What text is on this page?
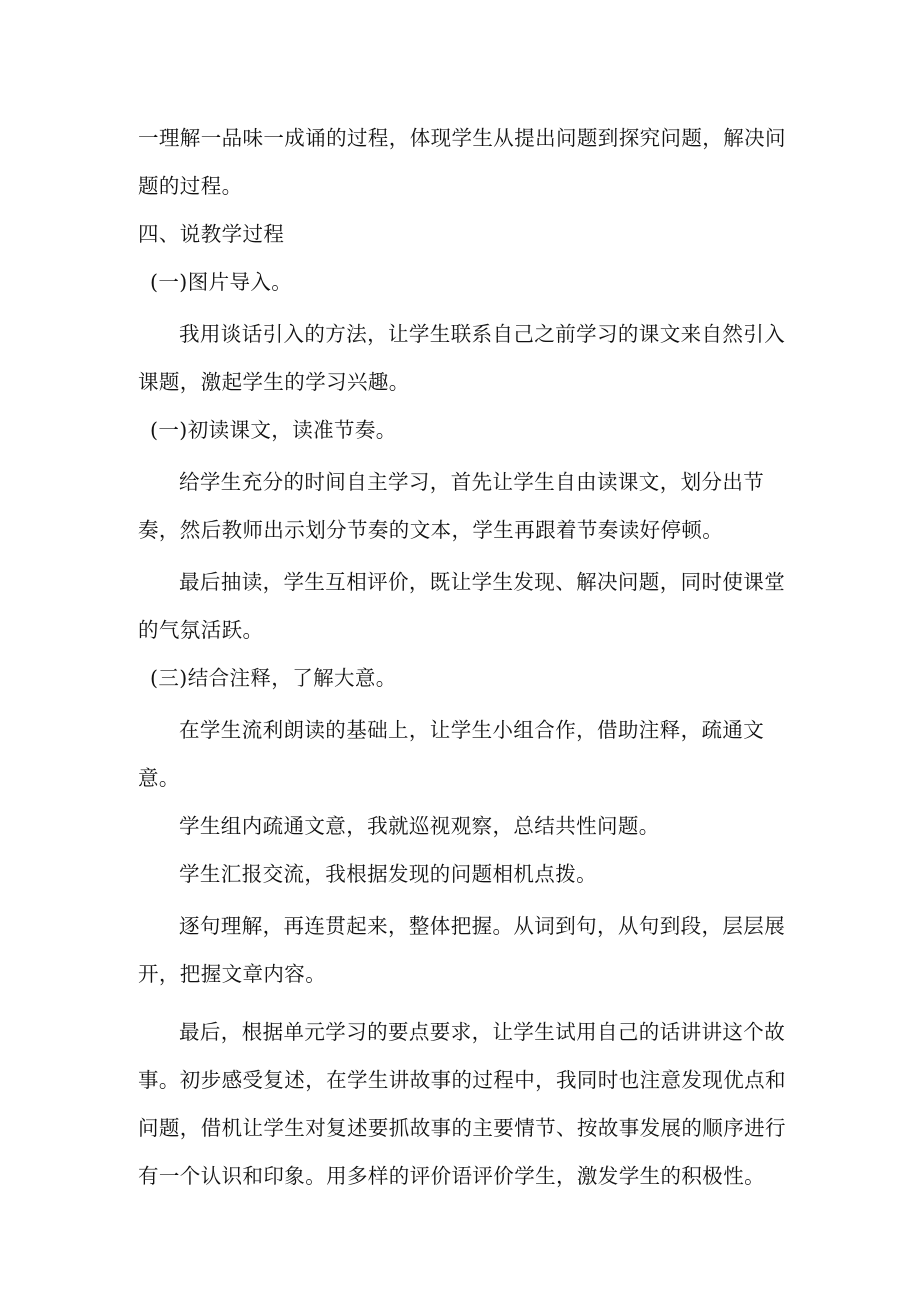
一理解一品味一成诵的过程，体现学生从提出问题到探究问题，解决问题的过程。

四、说教学过程

(一)图片导入。

我用谈话引入的方法，让学生联系自己之前学习的课文来自然引入课题，激起学生的学习兴趣。

(一)初读课文，读准节奏。

给学生充分的时间自主学习，首先让学生自由读课文，划分出节奏，然后教师出示划分节奏的文本，学生再跟着节奏读好停顿。

最后抽读，学生互相评价，既让学生发现、解决问题，同时使课堂的气氛活跃。

(三)结合注释，了解大意。

在学生流利朗读的基础上，让学生小组合作，借助注释，疏通文意。

学生组内疏通文意，我就巡视观察，总结共性问题。

学生汇报交流，我根据发现的问题相机点拨。

逐句理解，再连贯起来，整体把握。从词到句，从句到段，层层展开，把握文章内容。

最后，根据单元学习的要点要求，让学生试用自己的话讲讲这个故事。初步感受复述，在学生讲故事的过程中，我同时也注意发现优点和问题，借机让学生对复述要抓故事的主要情节、按故事发展的顺序进行有一个认识和印象。用多样的评价语评价学生，激发学生的积极性。
